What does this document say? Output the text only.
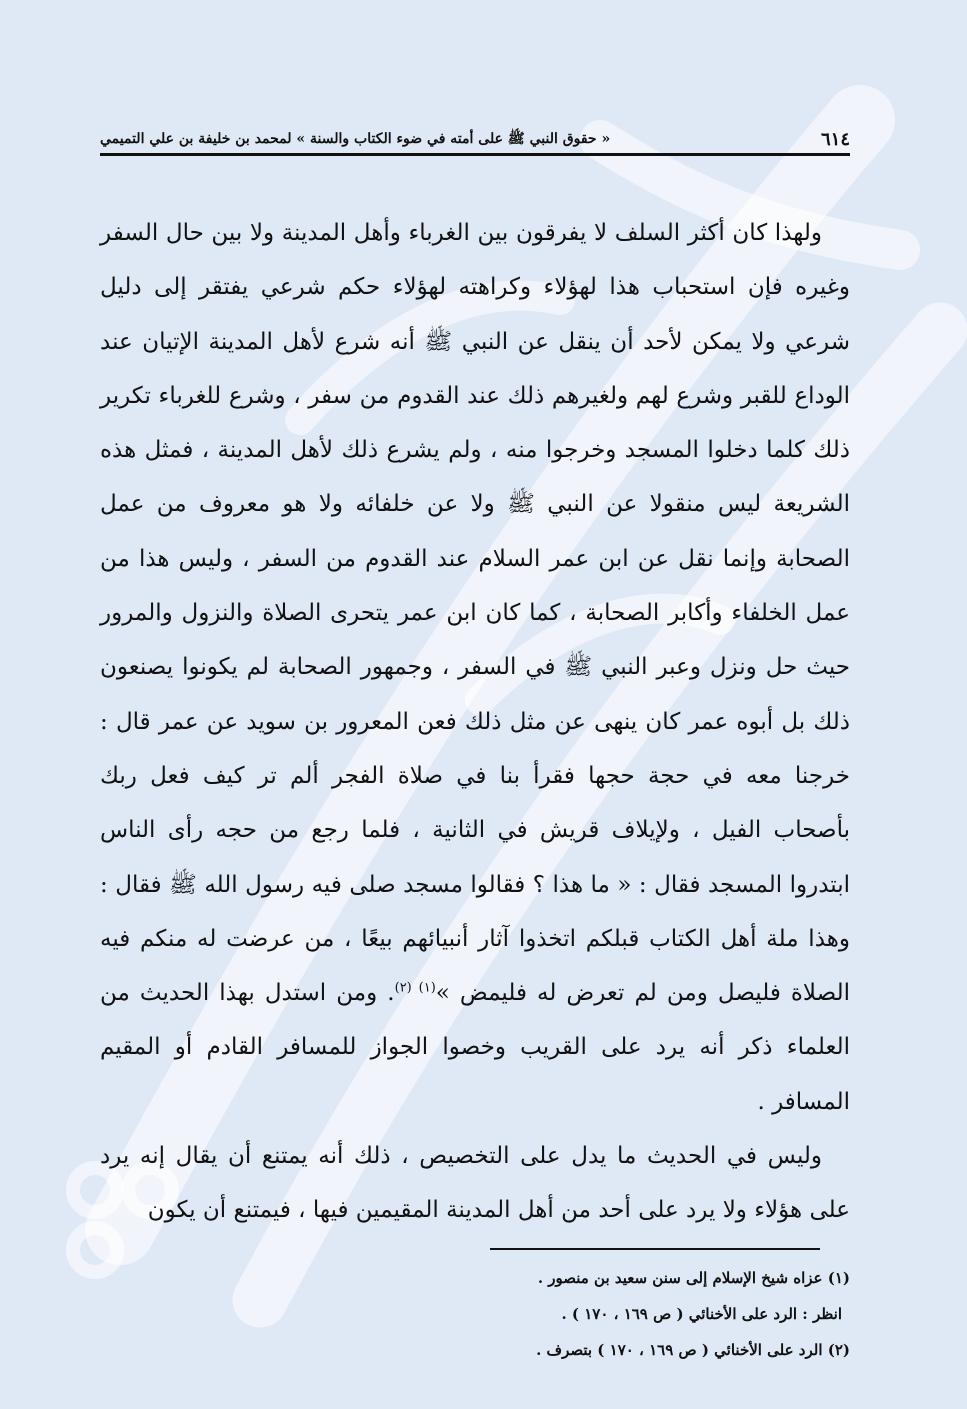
٦١٤
« حقوق النبي ﷺ على أمته في ضوء الكتاب والسنة » لمحمد بن خليفة بن علي التميمي

ولهذا كان أكثر السلف لا يفرقون بين الغرباء وأهل المدينة ولا بين حال السفر وغيره فإن استحباب هذا لهؤلاء وكراهته لهؤلاء حكم شرعي يفتقر إلى دليل شرعي ولا يمكن لأحد أن ينقل عن النبي ﷺ أنه شرع لأهل المدينة الإتيان عند الوداع للقبر وشرع لهم ولغيرهم ذلك عند القدوم من سفر ، وشرع للغرباء تكرير ذلك كلما دخلوا المسجد وخرجوا منه ، ولم يشرع ذلك لأهل المدينة ، فمثل هذه الشريعة ليس منقولا عن النبي ﷺ ولا عن خلفائه ولا هو معروف من عمل الصحابة وإنما نقل عن ابن عمر السلام عند القدوم من السفر ، وليس هذا من عمل الخلفاء وأكابر الصحابة ، كما كان ابن عمر يتحرى الصلاة والنزول والمرور حيث حل ونزل وعبر النبي ﷺ في السفر ، وجمهور الصحابة لم يكونوا يصنعون ذلك بل أبوه عمر كان ينهى عن مثل ذلك فعن المعرور بن سويد عن عمر قال : خرجنا معه في حجة حجها فقرأ بنا في صلاة الفجر ألم تر كيف فعل ربك بأصحاب الفيل ، ولإيلاف قريش في الثانية ، فلما رجع من حجه رأى الناس ابتدروا المسجد فقال : « ما هذا ؟ فقالوا مسجد صلى فيه رسول الله ﷺ فقال : وهذا ملة أهل الكتاب قبلكم اتخذوا آثار أنبيائهم بيعًا ، من عرضت له منكم فيه الصلاة فليصل ومن لم تعرض له فليمض »$^{(١) (٢)}$. ومن استدل بهذا الحديث من العلماء ذكر أنه يرد على القريب وخصوا الجواز للمسافر القادم أو المقيم المسافر .

وليس في الحديث ما يدل على التخصيص ، ذلك أنه يمتنع أن يقال إنه يرد على هؤلاء ولا يرد على أحد من أهل المدينة المقيمين فيها ، فيمتنع أن يكون

(١) عزاه شيخ الإسلام إلى سنن سعيد بن منصور .

انظر : الرد على الأخنائي ( ص ١٦٩ ، ١٧٠ ) .

(٢) الرد على الأخنائي ( ص ١٦٩ ، ١٧٠ ) بتصرف .
